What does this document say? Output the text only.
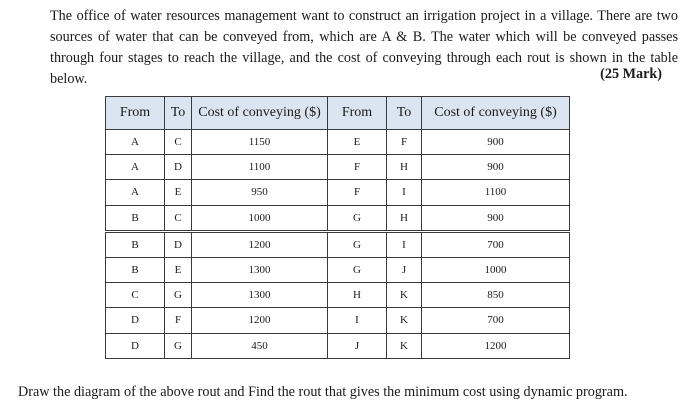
The office of water resources management want to construct an irrigation project in a village. There are two sources of water that can be conveyed from, which are A & B. The water which will be conveyed passes through four stages to reach the village, and the cost of conveying through each rout is shown in the table below.	(25 Mark)
From	To	Cost of conveying ($)	From	To	Cost of conveying ($)
A	C	1150	E	F	900
A	D	1100	F	H	900
A	E	950	F	I	1100
B	C	1000	G	H	900
B	D	1200	G	I	700
B	E	1300	G	J	1000
C	G	1300	H	K	850
D	F	1200	I	K	700
D	G	450	J	K	1200
Draw the diagram of the above rout and Find the rout that gives the minimum cost using dynamic program.
